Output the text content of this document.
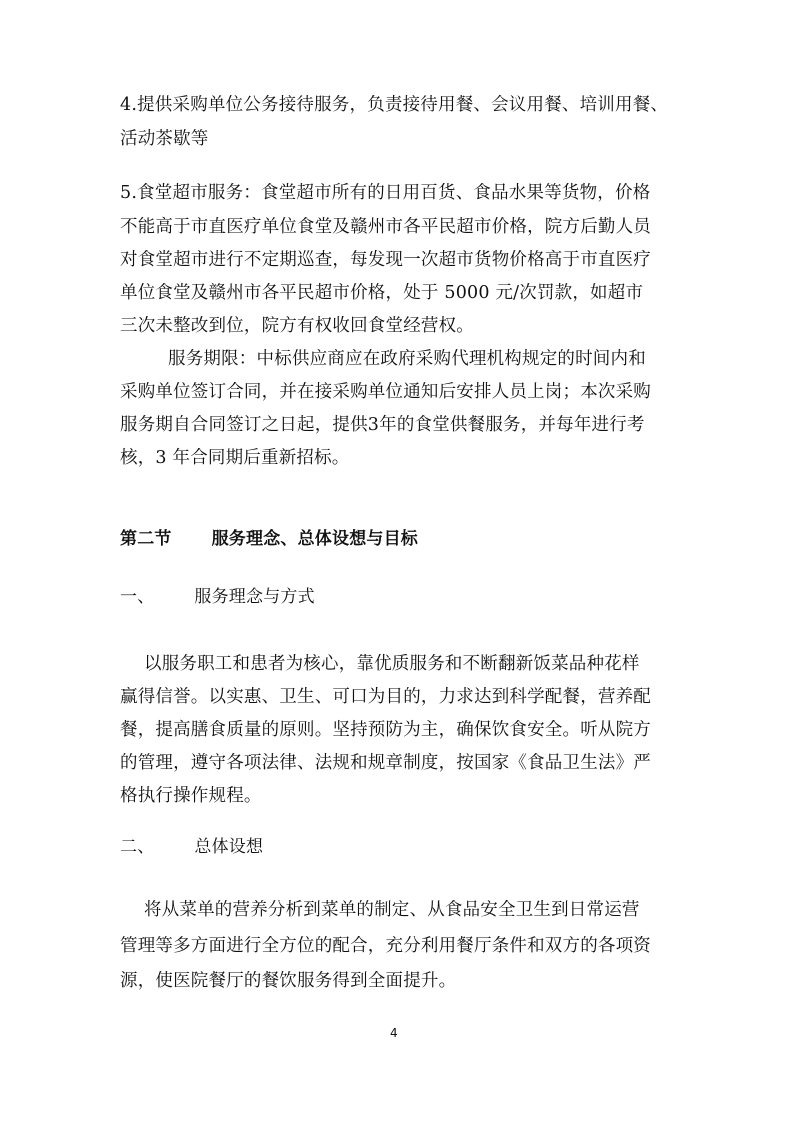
4.提供采购单位公务接待服务，负责接待用餐、会议用餐、培训用餐、
活动茶歇等
5.食堂超市服务：食堂超市所有的日用百货、食品水果等货物，价格
不能高于市直医疗单位食堂及赣州市各平民超市价格，院方后勤人员
对食堂超市进行不定期巡查，每发现一次超市货物价格高于市直医疗
单位食堂及赣州市各平民超市价格，处于 5000 元/次罚款，如超市
三次未整改到位，院方有权收回食堂经营权。
服务期限：中标供应商应在政府采购代理机构规定的时间内和
采购单位签订合同，并在接采购单位通知后安排人员上岗；本次采购
服务期自合同签订之日起，提供3年的食堂供餐服务，并每年进行考
核，3 年合同期后重新招标。
第二节 服务理念、总体设想与目标
一、 服务理念与方式
以服务职工和患者为核心，靠优质服务和不断翻新饭菜品种花样
赢得信誉。以实惠、卫生、可口为目的，力求达到科学配餐，营养配
餐，提高膳食质量的原则。坚持预防为主，确保饮食安全。听从院方
的管理，遵守各项法律、法规和规章制度，按国家《食品卫生法》严
格执行操作规程。
二、 总体设想
将从菜单的营养分析到菜单的制定、从食品安全卫生到日常运营
管理等多方面进行全方位的配合，充分利用餐厅条件和双方的各项资
源，使医院餐厅的餐饮服务得到全面提升。
4
